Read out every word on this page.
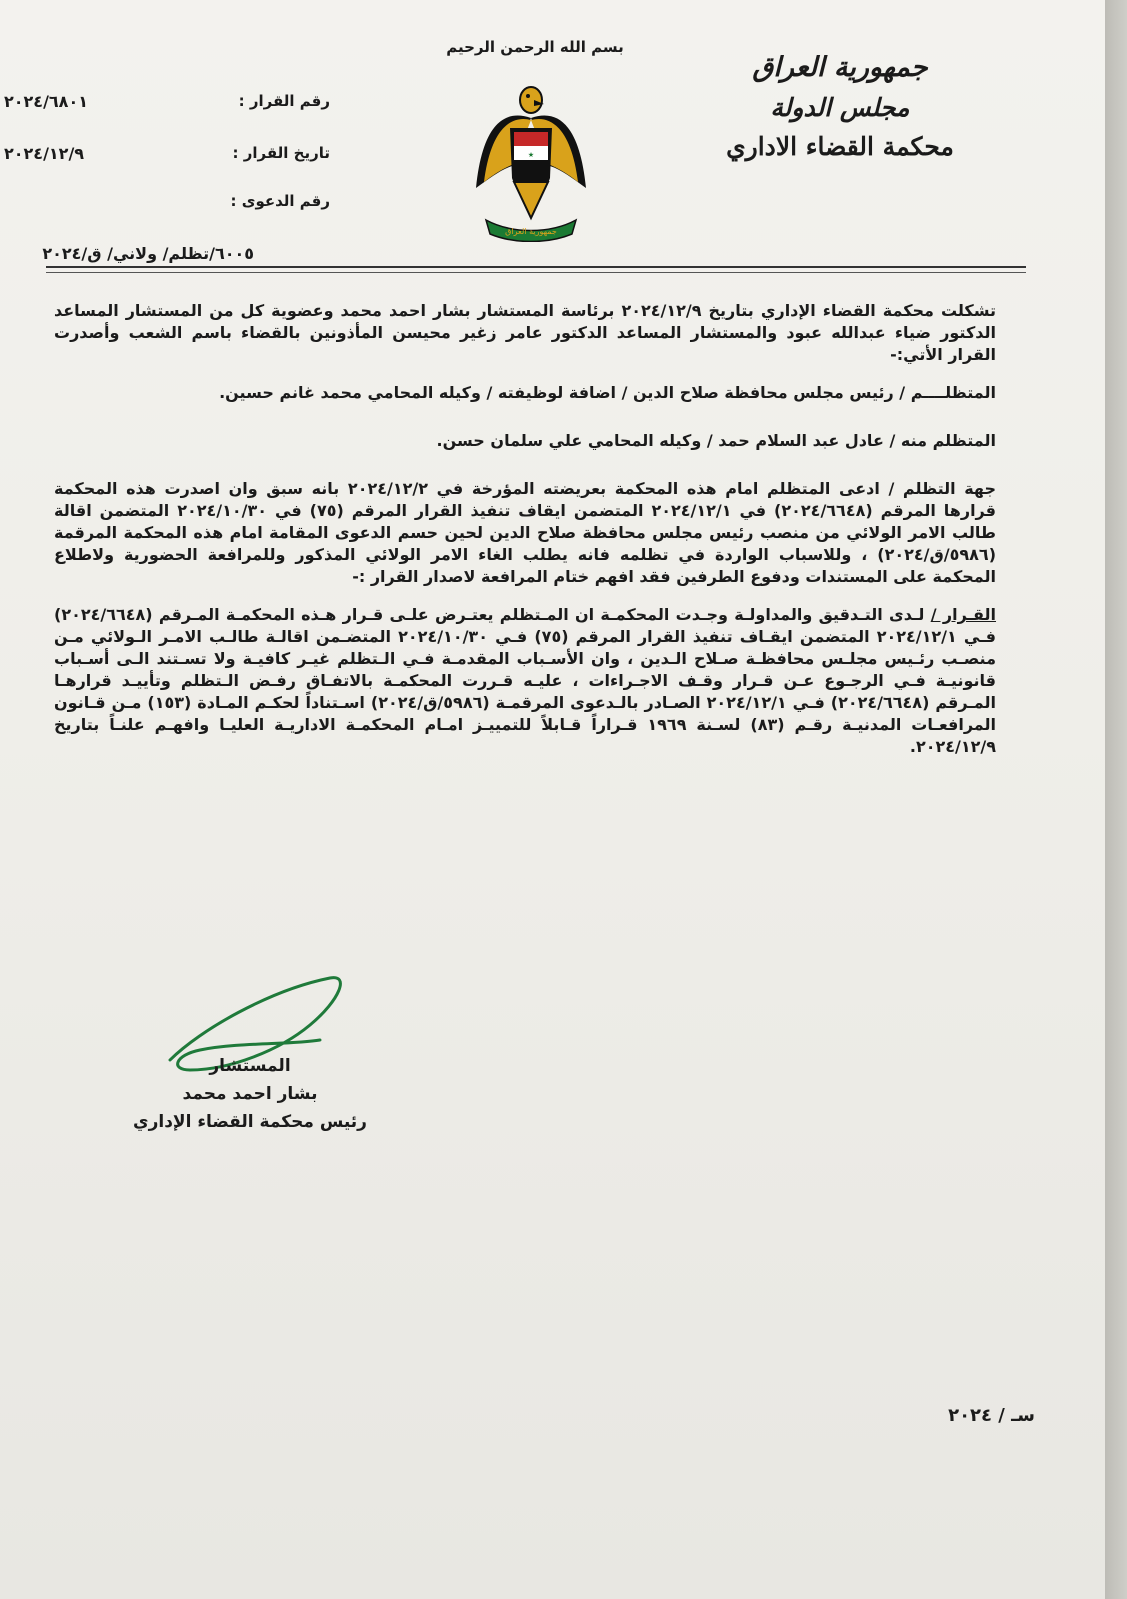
بسم الله الرحمن الرحيم
جمهورية العراق
مجلس الدولة
محكمة القضاء الاداري
★
جمهورية العراق
رقم القرار :
٢٠٢٤/٦٨٠١
تاريخ القرار :
٢٠٢٤/١٢/٩
رقم الدعوى :
٦٠٠٥/تظلم/ ولاني/ ق/٢٠٢٤

تشكلت محكمة القضاء الإداري بتاريخ ٢٠٢٤/١٢/٩ برئاسة المستشار بشار احمد محمد وعضوية كل من المستشار المساعد الدكتور ضياء عبدالله عبود والمستشار المساعد الدكتور عامر زغير محيسن المأذونين بالقضاء باسم الشعب وأصدرت القرار الأتي:-

المتظلــــم / رئيس مجلس محافظة صلاح الدين / اضافة لوظيفته / وكيله المحامي محمد غانم حسين.

المتظلم منه / عادل عبد السلام حمد / وكيله المحامي علي سلمان حسن.

جهة التظلم / ادعى المتظلم امام هذه المحكمة بعريضته المؤرخة في ٢٠٢٤/١٢/٢ بانه سبق وان اصدرت هذه المحكمة قرارها المرقم (٢٠٢٤/٦٦٤٨) في ٢٠٢٤/١٢/١ المتضمن ايقاف تنفيذ القرار المرقم (٧٥) في ٢٠٢٤/١٠/٣٠ المتضمن اقالة طالب الامر الولائي من منصب رئيس مجلس محافظة صلاح الدين لحين حسم الدعوى المقامة امام هذه المحكمة المرقمة (٥٩٨٦/ق/٢٠٢٤) ، وللاسباب الواردة في تظلمه فانه يطلب الغاء الامر الولائي المذكور وللمرافعة الحضورية ولاطلاع المحكمة على المستندات ودفوع الطرفين فقد افهم ختام المرافعة لاصدار القرار :-

القـرار / لـدى التـدقيق والمداولـة وجـدت المحكمـة ان المـتظلم يعتـرض علـى قـرار هـذه المحكمـة المـرقم (٢٠٢٤/٦٦٤٨) فـي ٢٠٢٤/١٢/١ المتضمن ايقـاف تنفيذ القرار المرقم (٧٥) فـي ٢٠٢٤/١٠/٣٠ المتضـمن اقالـة طالـب الامـر الـولائي مـن منصـب رئـيس مجلـس محافظـة صـلاح الـدين ، وان الأسـباب المقدمـة فـي الـتظلم غيـر كافيـة ولا تسـتند الـى أسـباب قانونيـة فـي الرجـوع عـن قـرار وقـف الاجـراءات ، عليـه قـررت المحكمـة بالاتفـاق رفـض الـتظلم وتأييـد قرارهـا المـرقم (٢٠٢٤/٦٦٤٨) فـي ٢٠٢٤/١٢/١ الصـادر بالـدعوى المرقمـة (٥٩٨٦/ق/٢٠٢٤) اسـتناداً لحكـم المـادة (١٥٣) مـن قـانون المرافعـات المدنيـة رقـم (٨٣) لسـنة ١٩٦٩ قـراراً قـابلاً للتمييـز امـام المحكمـة الاداريـة العليـا وافهـم علنـاً بتاريخ ٢٠٢٤/١٢/٩.

المستشار
بشار احمد محمد
رئيس محكمة القضاء الإداري
سـ / ٢٠٢٤
